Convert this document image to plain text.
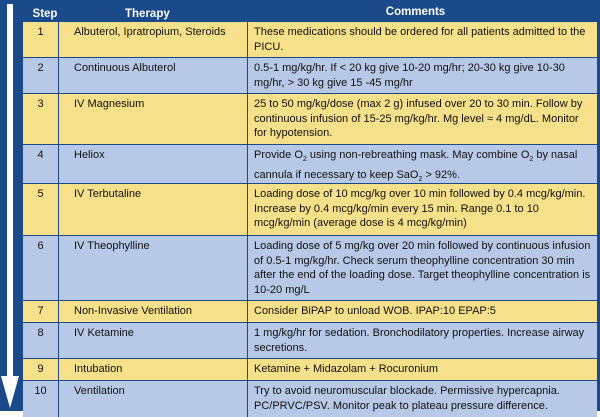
Step	Therapy	Comments
1	Albuterol, Ipratropium, Steroids	These medications should be ordered for all patients admitted to the PICU.
2	Continuous Albuterol	0.5-1 mg/kg/hr. If < 20 kg give 10-20 mg/hr; 20-30 kg give 10-30 mg/hr, > 30 kg give 15 -45 mg/hr
3	IV Magnesium	25 to 50 mg/kg/dose (max 2 g) infused over 20 to 30 min. Follow by continuous infusion of 15-25 mg/kg/hr. Mg level ≈ 4 mg/dL. Monitor for hypotension.
4	Heliox	Provide $O_2$ using non-rebreathing mask. May combine $O_2$ by nasal cannula if necessary to keep SaO$_2$ > 92%.
5	IV Terbutaline	Loading dose of 10 mcg/kg over 10 min followed by 0.4 mcg/kg/min. Increase by 0.4 mcg/kg/min every 15 min. Range 0.1 to 10 mcg/kg/min (average dose is 4 mcg/kg/min)
6	IV Theophylline	Loading dose of 5 mg/kg over 20 min followed by continuous infusion of 0.5-1 mg/kg/hr. Check serum theophylline concentration 30 min after the end of the loading dose. Target theophylline concentration is 10-20 mg/L
7	Non-Invasive Ventilation	Consider BiPAP to unload WOB. IPAP:10 EPAP:5
8	IV Ketamine	1 mg/kg/hr for sedation. Bronchodilatory properties. Increase airway secretions.
9	Intubation	Ketamine + Midazolam + Rocuronium
10	Ventilation	Try to avoid neuromuscular blockade. Permissive hypercapnia. PC/PRVC/PSV. Monitor peak to plateau pressure difference.
